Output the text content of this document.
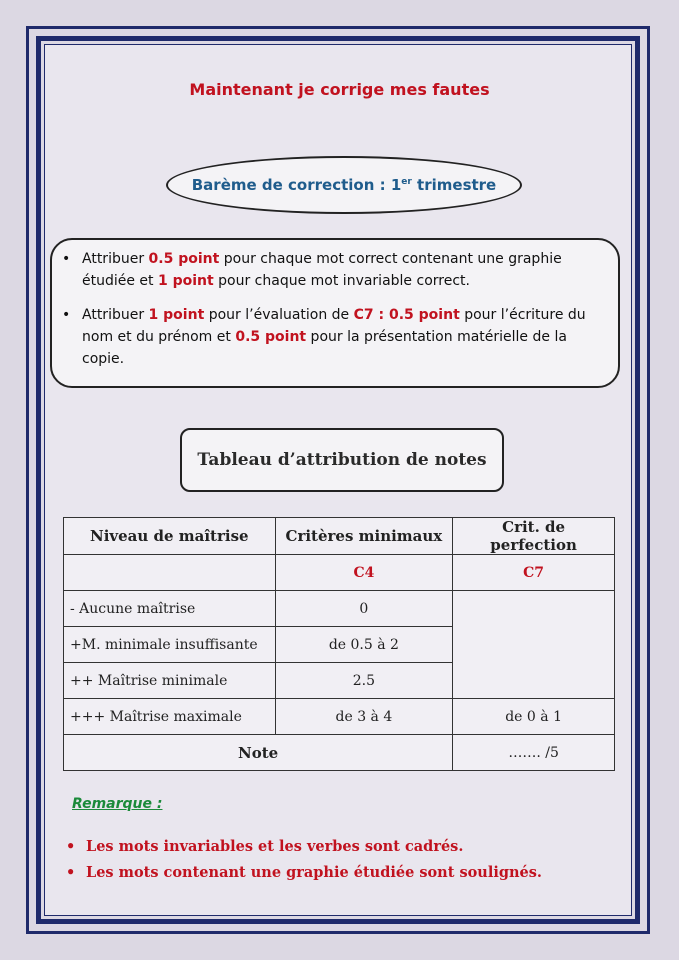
Maintenant je corrige mes fautes
Barème de correction : 1er trimestre
• Attribuer 0.5 point pour chaque mot correct contenant une graphie étudiée et 1 point pour chaque mot invariable correct.
• Attribuer 1 point pour l’évaluation de C7 : 0.5 point pour l’écriture du nom et du prénom et 0.5 point pour la présentation matérielle de la copie.
Tableau d’attribution de notes
Niveau de maîtrise	Critères minimaux	Crit. de perfection
	C4	C7
- Aucune maîtrise	0	
+M. minimale insuffisante	de 0.5 à 2	
++ Maîtrise minimale	2.5	
+++ Maîtrise maximale	de 3 à 4	de 0 à 1
Note		……. /5
Remarque :
• Les mots invariables et les verbes sont cadrés.
• Les mots contenant une graphie étudiée sont soulignés.
